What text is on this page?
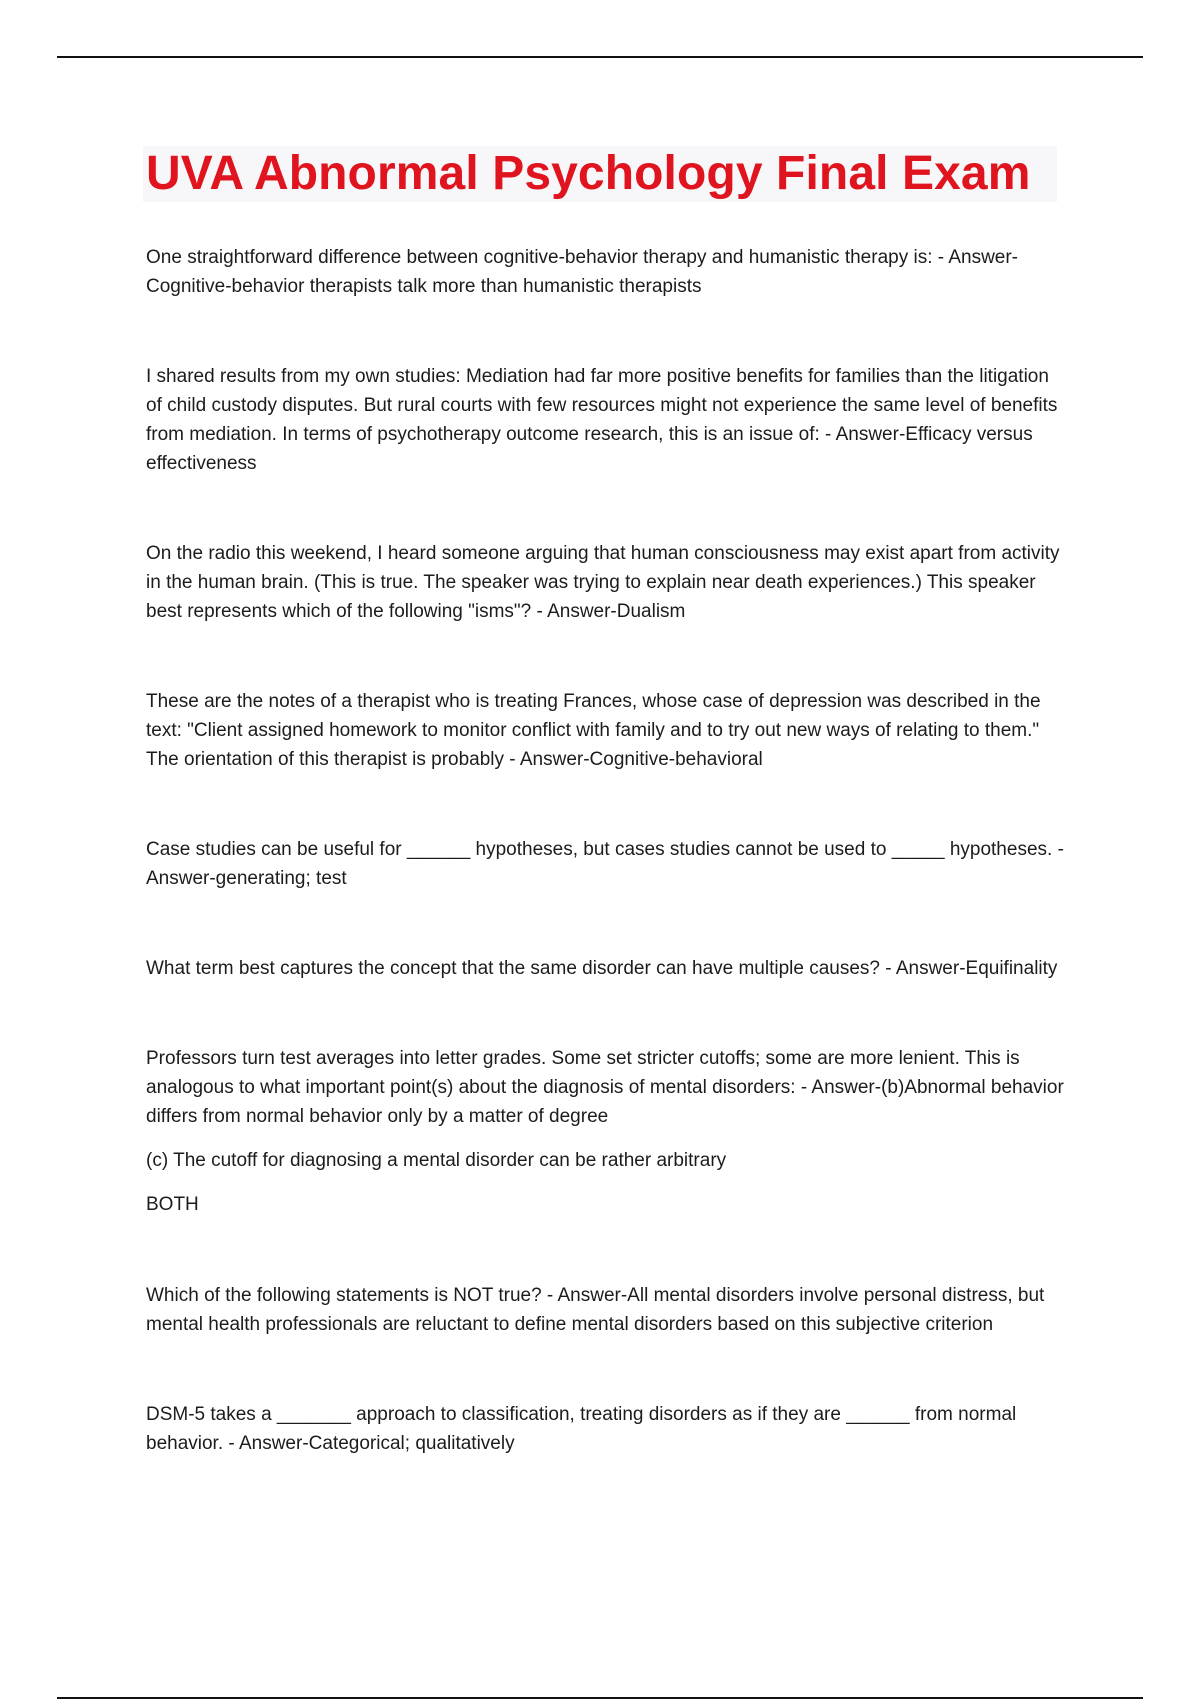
UVA Abnormal Psychology Final Exam

One straightforward difference between cognitive-behavior therapy and humanistic therapy is: - Answer-Cognitive-behavior therapists talk more than humanistic therapists

I shared results from my own studies: Mediation had far more positive benefits for families than the litigation of child custody disputes. But rural courts with few resources might not experience the same level of benefits from mediation. In terms of psychotherapy outcome research, this is an issue of: - Answer-Efficacy versus effectiveness

On the radio this weekend, I heard someone arguing that human consciousness may exist apart from activity in the human brain. (This is true. The speaker was trying to explain near death experiences.) This speaker best represents which of the following "isms"? - Answer-Dualism

These are the notes of a therapist who is treating Frances, whose case of depression was described in the text: "Client assigned homework to monitor conflict with family and to try out new ways of relating to them." The orientation of this therapist is probably - Answer-Cognitive-behavioral

Case studies can be useful for ______ hypotheses, but cases studies cannot be used to _____ hypotheses. - Answer-generating; test

What term best captures the concept that the same disorder can have multiple causes? - Answer-Equifinality

Professors turn test averages into letter grades. Some set stricter cutoffs; some are more lenient. This is analogous to what important point(s) about the diagnosis of mental disorders: - Answer-(b)Abnormal behavior differs from normal behavior only by a matter of degree

(c) The cutoff for diagnosing a mental disorder can be rather arbitrary

BOTH

Which of the following statements is NOT true? - Answer-All mental disorders involve personal distress, but mental health professionals are reluctant to define mental disorders based on this subjective criterion

DSM-5 takes a _______ approach to classification, treating disorders as if they are ______ from normal behavior. - Answer-Categorical; qualitatively
